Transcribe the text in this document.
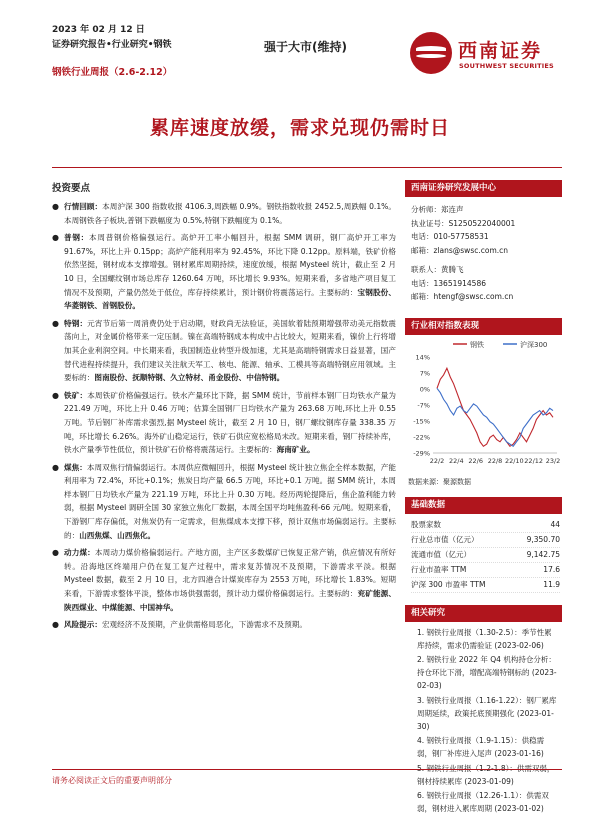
2023 年 02 月 12 日
证券研究报告•行业研究•钢铁
钢铁行业周报（2.6-2.12）
强于大市(维持)	西南证券
SOUTHWEST SECURITIES
累库速度放缓，需求兑现仍需时日
投资要点
● 行情回顾：本周沪深 300 指数收报 4106.3,周跌幅 0.9%。钢铁指数收报 2452.5,周跌幅 0.1%。本周钢铁各子板块,普钢下跌幅度为 0.5%,特钢下跌幅度为 0.1%。
● 普钢：本周普钢价格偏强运行。高炉开工率小幅回升，根据 SMM 调研，钢厂高炉开工率为 91.67%，环比上升 0.15pp；高炉产能利用率为 92.45%，环比下降 0.12pp。原料端，铁矿价格依然坚挺，钢材成本支撑增强。钢材累库周期持续，速度放缓，根据 Mysteel 统计，截止至 2 月 10 日，全国螺纹钢市场总库存 1260.64 万吨，环比增长 9.93%。短期来看，多省地产项目复工情况不及预期，产量仍然处于低位，库存持续累计，预计钢价将震荡运行。主要标的：宝钢股份、华菱钢铁、首钢股份。
● 特钢：元宵节后第一周消费仍处于启动期，财政尚无法验证，美国软着陆预期增强带动美元指数震荡向上，对金属价格带来一定压制。镍在高端特钢成本构成中占比较大，短期来看，镍价上行将增加其企业利润空间。中长期来看，我国制造业转型升级加速，尤其是高端特钢需求日益显著，国产替代进程持续提升，我们建议关注航天军工、核电、能源、轴承、工模具等高端特钢应用领域。主要标的：图南股份、抚顺特钢、久立特材、甬金股份、中信特钢。
● 铁矿：本周铁矿价格偏强运行。铁水产量环比下降，据 SMM 统计，节前样本钢厂日均铁水产量为 221.49 万吨，环比上升 0.46 万吨；估算全国钢厂日均铁水产量为 263.68 万吨,环比上升 0.55 万吨。节后钢厂补库需求强烈,据 Mysteel 统计，截至 2 月 10 日，钢厂螺纹钢库存量 338.35 万吨，环比增长 6.26%。海外矿山稳定运行，铁矿石供应宽松格局未改。短期来看，钢厂持续补库，铁水产量季节性低位，预计铁矿石价格将震荡运行。主要标的：海南矿业。
● 煤焦：本周双焦行情偏弱运行。本周供应微幅回升，根据 Mysteel 统计独立焦企全样本数据，产能利用率为 72.4%，环比+0.1%；焦炭日均产量 66.5 万吨，环比+0.1 万吨。据 SMM 统计，本周样本钢厂日均铁水产量为 221.19 万吨，环比上升 0.30 万吨。经历两轮提降后，焦企盈利能力转弱，根据 Mysteel 调研全国 30 家独立焦化厂数据，本周全国平均吨焦盈利-66 元/吨。短期来看，下游钢厂库存偏低，对焦炭仍有一定需求，但焦煤成本支撑下移，预计双焦市场偏弱运行。主要标的：山西焦煤、山西焦化。
● 动力煤：本周动力煤价格偏弱运行。产地方面，主产区多数煤矿已恢复正常产销，供应情况有所好转。沿海地区终端用户仍在复工复产过程中，需求复苏情况不及预期，下游需求平淡。根据 Mysteel 数据，截至 2 月 10 日，北方四港合计煤炭库存为 2553 万吨，环比增长 1.83%。短期来看，下游需求整体平淡，整体市场供强需弱，预计动力煤价格偏弱运行。主要标的：兖矿能源、陕西煤业、中煤能源、中国神华。
● 风险提示：宏观经济不及预期，产业供需格局恶化，下游需求不及预期。
西南证券研究发展中心
分析师：郑连声
执业证号：S1250522040001
电话：010-57758531
邮箱：zlans@swsc.com.cn
联系人：黄腾飞
电话：13651914586
邮箱：htengf@swsc.com.cn
行业相对指数表现
钢铁	沪深300
14%
7%
0%
-7%
-15%
-22%
-29%
22/2 22/4 22/6 22/8 22/10 22/12 23/2
数据来源：聚源数据
基础数据
股票家数	44
行业总市值（亿元）	9,350.70
流通市值（亿元）	9,142.75
行业市盈率 TTM	17.6
沪深 300 市盈率 TTM	11.9
相关研究
1. 钢铁行业周报（1.30-2.5）：季节性累库持续，需求仍需验证 (2023-02-06)
2. 钢铁行业 2022 年 Q4 机构持仓分析：持仓环比下滑，增配高端特钢标的 (2023-02-03)
3. 钢铁行业周报（1.16-1.22）：钢厂累库周期延续，政策托底预期强化 (2023-01-30)
4. 钢铁行业周报（1.9-1.15）：供稳需弱，钢厂补库进入尾声 (2023-01-16)
钢材持续累库 (2023-01-09)
6. 钢铁行业周报（12.26-1.1）：供需双弱，钢材进入累库周期 (2023-01-02)
请务必阅读正文后的重要声明部分
